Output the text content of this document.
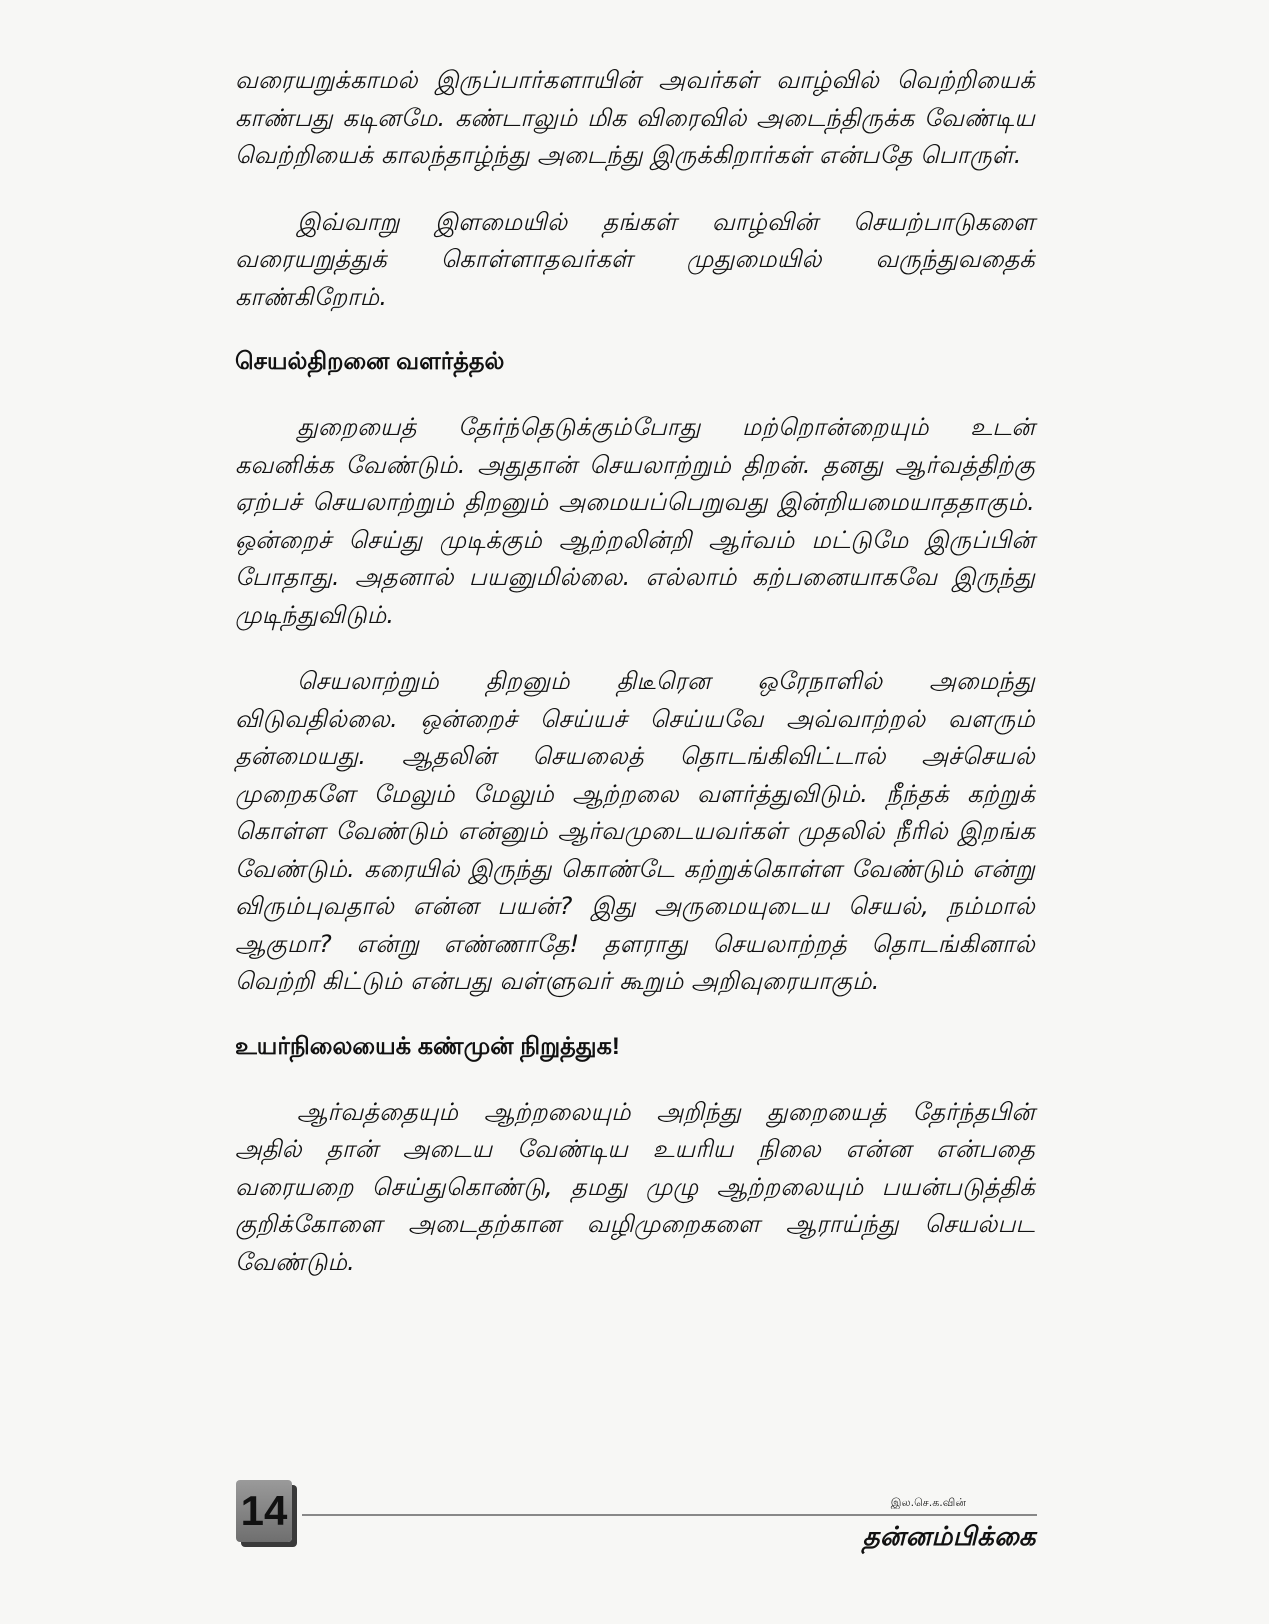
வரையறுக்காமல் இருப்பார்களாயின் அவர்கள் வாழ்வில் வெற்றியைக் காண்பது கடினமே. கண்டாலும் மிக விரைவில் அடைந்திருக்க வேண்டிய வெற்றியைக் காலந்தாழ்ந்து அடைந்து இருக்கிறார்கள் என்பதே பொருள்.

இவ்வாறு இளமையில் தங்கள் வாழ்வின் செயற்பாடுகளை வரையறுத்துக் கொள்ளாதவர்கள் முதுமையில் வருந்துவதைக் காண்கிறோம்.

செயல்திறனை வளர்த்தல்

துறையைத் தேர்ந்தெடுக்கும்போது மற்றொன்றையும் உடன் கவனிக்க வேண்டும். அதுதான் செயலாற்றும் திறன். தனது ஆர்வத்திற்கு ஏற்பச் செயலாற்றும் திறனும் அமையப்பெறுவது இன்றியமையாததாகும். ஒன்றைச் செய்து முடிக்கும் ஆற்றலின்றி ஆர்வம் மட்டுமே இருப்பின் போதாது. அதனால் பயனுமில்லை. எல்லாம் கற்பனையாகவே இருந்து முடிந்துவிடும்.

செயலாற்றும் திறனும் திடீரென ஒரேநாளில் அமைந்து விடுவதில்லை. ஒன்றைச் செய்யச் செய்யவே அவ்வாற்றல் வளரும் தன்மையது. ஆதலின் செயலைத் தொடங்கிவிட்டால் அச்செயல் முறைகளே மேலும் மேலும் ஆற்றலை வளர்த்துவிடும். நீந்தக் கற்றுக் கொள்ள வேண்டும் என்னும் ஆர்வமுடையவர்கள் முதலில் நீரில் இறங்க வேண்டும். கரையில் இருந்து கொண்டே கற்றுக்கொள்ள வேண்டும் என்று விரும்புவதால் என்ன பயன்? இது அருமையுடைய செயல், நம்மால் ஆகுமா? என்று எண்ணாதே! தளராது செயலாற்றத் தொடங்கினால் வெற்றி கிட்டும் என்பது வள்ளுவர் கூறும் அறிவுரையாகும்.

உயர்நிலையைக் கண்முன் நிறுத்துக!

ஆர்வத்தையும் ஆற்றலையும் அறிந்து துறையைத் தேர்ந்தபின் அதில் தான் அடைய வேண்டிய உயரிய நிலை என்ன என்பதை வரையறை செய்துகொண்டு, தமது முழு ஆற்றலையும் பயன்படுத்திக் குறிக்கோளை அடைதற்கான வழிமுறைகளை ஆராய்ந்து செயல்பட வேண்டும்.

14	இல.செ.க.வின்
தன்னம்பிக்கை
